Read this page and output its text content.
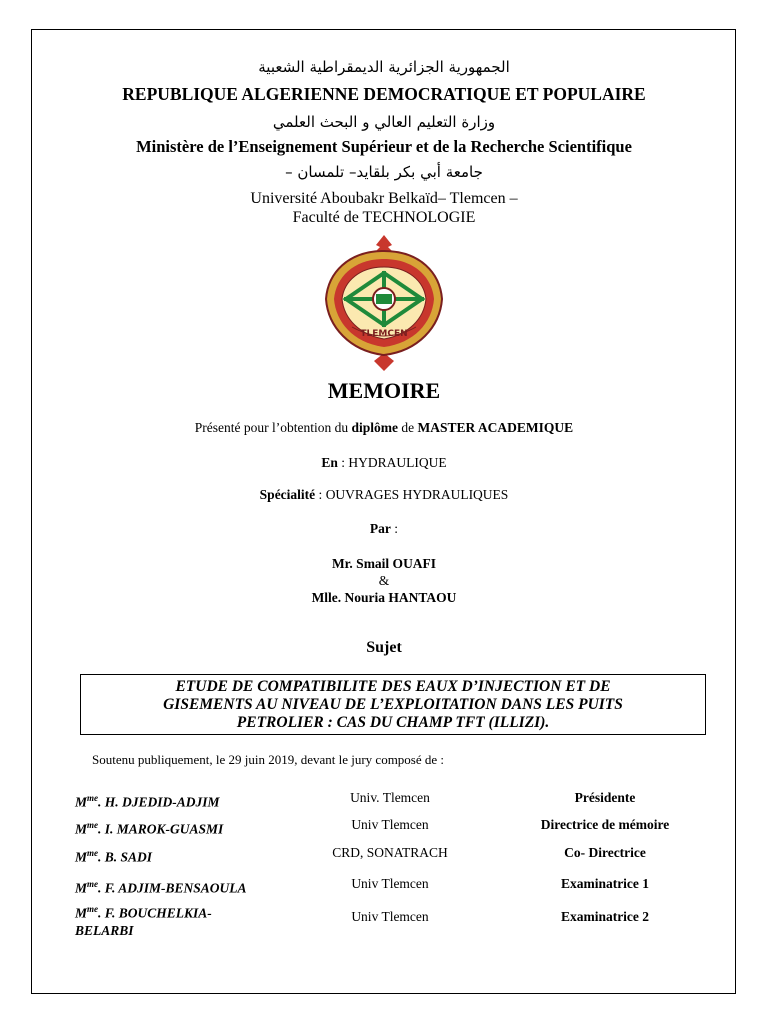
الجمهورية الجزائرية الديمقراطية الشعبية
REPUBLIQUE ALGERIENNE DEMOCRATIQUE ET POPULAIRE
وزارة التعليم العالي و البحث العلمي
Ministère de l’Enseignement Supérieur et de la Recherche Scientifique
جامعة أبي بكر بلقايد– تلمسان –
Université Aboubakr Belkaïd– Tlemcen –
Faculté de TECHNOLOGIE
TLEMCEN
MEMOIRE
Présenté pour l’obtention du diplôme de MASTER ACADEMIQUE
En : HYDRAULIQUE
Spécialité : OUVRAGES HYDRAULIQUES
Par :
Mr. Smail OUAFI
&
Mlle. Nouria HANTAOU
Sujet
ETUDE DE COMPATIBILITE DES EAUX D’INJECTION ET DE
GISEMENTS AU NIVEAU DE L’EXPLOITATION DANS LES PUITS
PETROLIER : CAS DU CHAMP TFT (ILLIZI).
Soutenu publiquement, le 29 juin 2019, devant le jury composé de :
$M^{me}$. H. DJEDID-ADJIM	Univ. Tlemcen	Présidente
$M^{me}$. I. MAROK-GUASMI	Univ Tlemcen	Directrice de mémoire
$M^{me}$. B. SADI	CRD, SONATRACH	Co- Directrice
$M^{me}$. F. ADJIM-BENSAOULA	Univ Tlemcen	Examinatrice 1
$M^{me}$. F. BOUCHELKIA-
BELARBI
Univ Tlemcen	Examinatrice 2
